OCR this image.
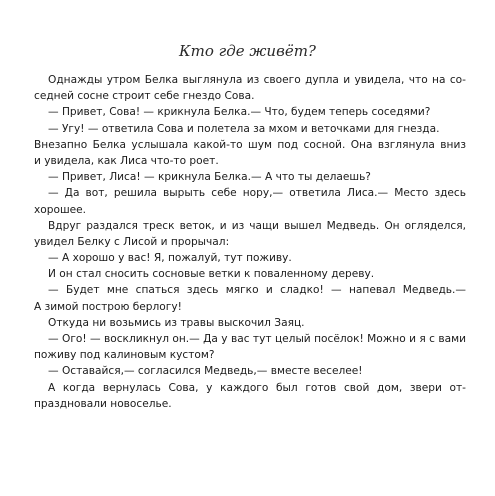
Кто где живёт?
Однажды утром Белка выглянула из своего дупла и увидела, что на со-
седней сосне строит себе гнездо Сова.
— Привет, Сова! — крикнула Белка.— Что, будем теперь соседями?
— Угу! — ответила Сова и полетела за мхом и веточками для гнезда.
Внезапно Белка услышала какой-то шум под сосной. Она взглянула вниз
и увидела, как Лиса что-то роет.
— Привет, Лиса! — крикнула Белка.— А что ты делаешь?
— Да вот, решила вырыть себе нору,— ответила Лиса.— Место здесь
хорошее.
Вдруг раздался треск веток, и из чащи вышел Медведь. Он огляделся,
увидел Белку с Лисой и прорычал:
— А хорошо у вас! Я, пожалуй, тут поживу.
И он стал сносить сосновые ветки к поваленному дереву.
— Будет мне спаться здесь мягко и сладко! — напевал Медведь.—
А зимой построю берлогу!
Откуда ни возьмись из травы выскочил Заяц.
— Ого! — воскликнул он.— Да у вас тут целый посёлок! Можно и я с вами
поживу под калиновым кустом?
— Оставайся,— согласился Медведь,— вместе веселее!
А когда вернулась Сова, у каждого был готов свой дом, звери от-
праздновали новоселье.
